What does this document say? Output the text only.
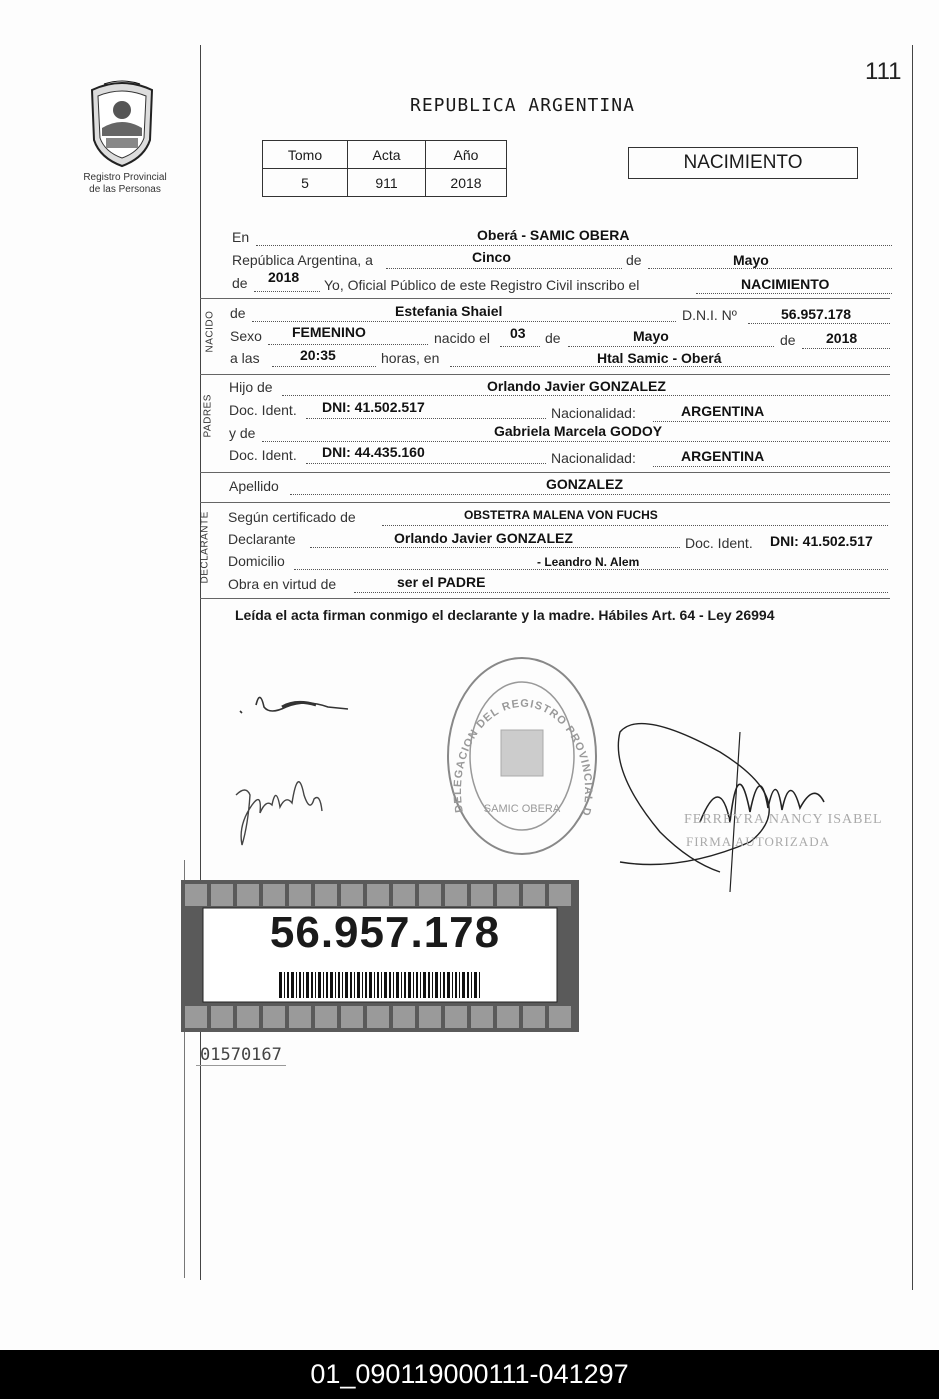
Registro Provincial
de las Personas
111
REPUBLICA ARGENTINA
Tomo	Acta	Año
5	911	2018
NACIMIENTO
En	Oberá - SAMIC OBERA
República Argentina, a	Cinco	de	Mayo
de 2018 Yo, Oficial Público de este Registro Civil inscribo el	NACIMIENTO
NACIDO de	Estefania Shaiel	D.N.I. Nº	56.957.178
Sexo FEMENINO	nacido el 03 de	Mayo	de 2018
a las	20:35	horas, en	Htal Samic - Oberá
PADRES
Hijo de	Orlando Javier GONZALEZ
Doc. Ident. DNI: 41.502.517	Nacionalidad:	ARGENTINA
y de	Gabriela Marcela GODOY
Doc. Ident. DNI: 44.435.160	Nacionalidad:	ARGENTINA
Apellido	GONZALEZ
DECLARANTE Según certificado de	OBSTETRA MALENA VON FUCHS
Declarante	Orlando Javier GONZALEZ	Doc. Ident. DNI: 41.502.517
Domicilio	- Leandro N. Alem
Obra en virtud de	ser el PADRE
Leída el acta firman conmigo el declarante y la madre. Hábiles Art. 64 - Ley 26994
DELEGACION DEL REGISTRO PROVINCIAL D
SAMIC OBERA
FERREYRA NANCY ISABEL
FIRMA AUTORIZADA
56.957.178
01570167
01_090119000111-041297
